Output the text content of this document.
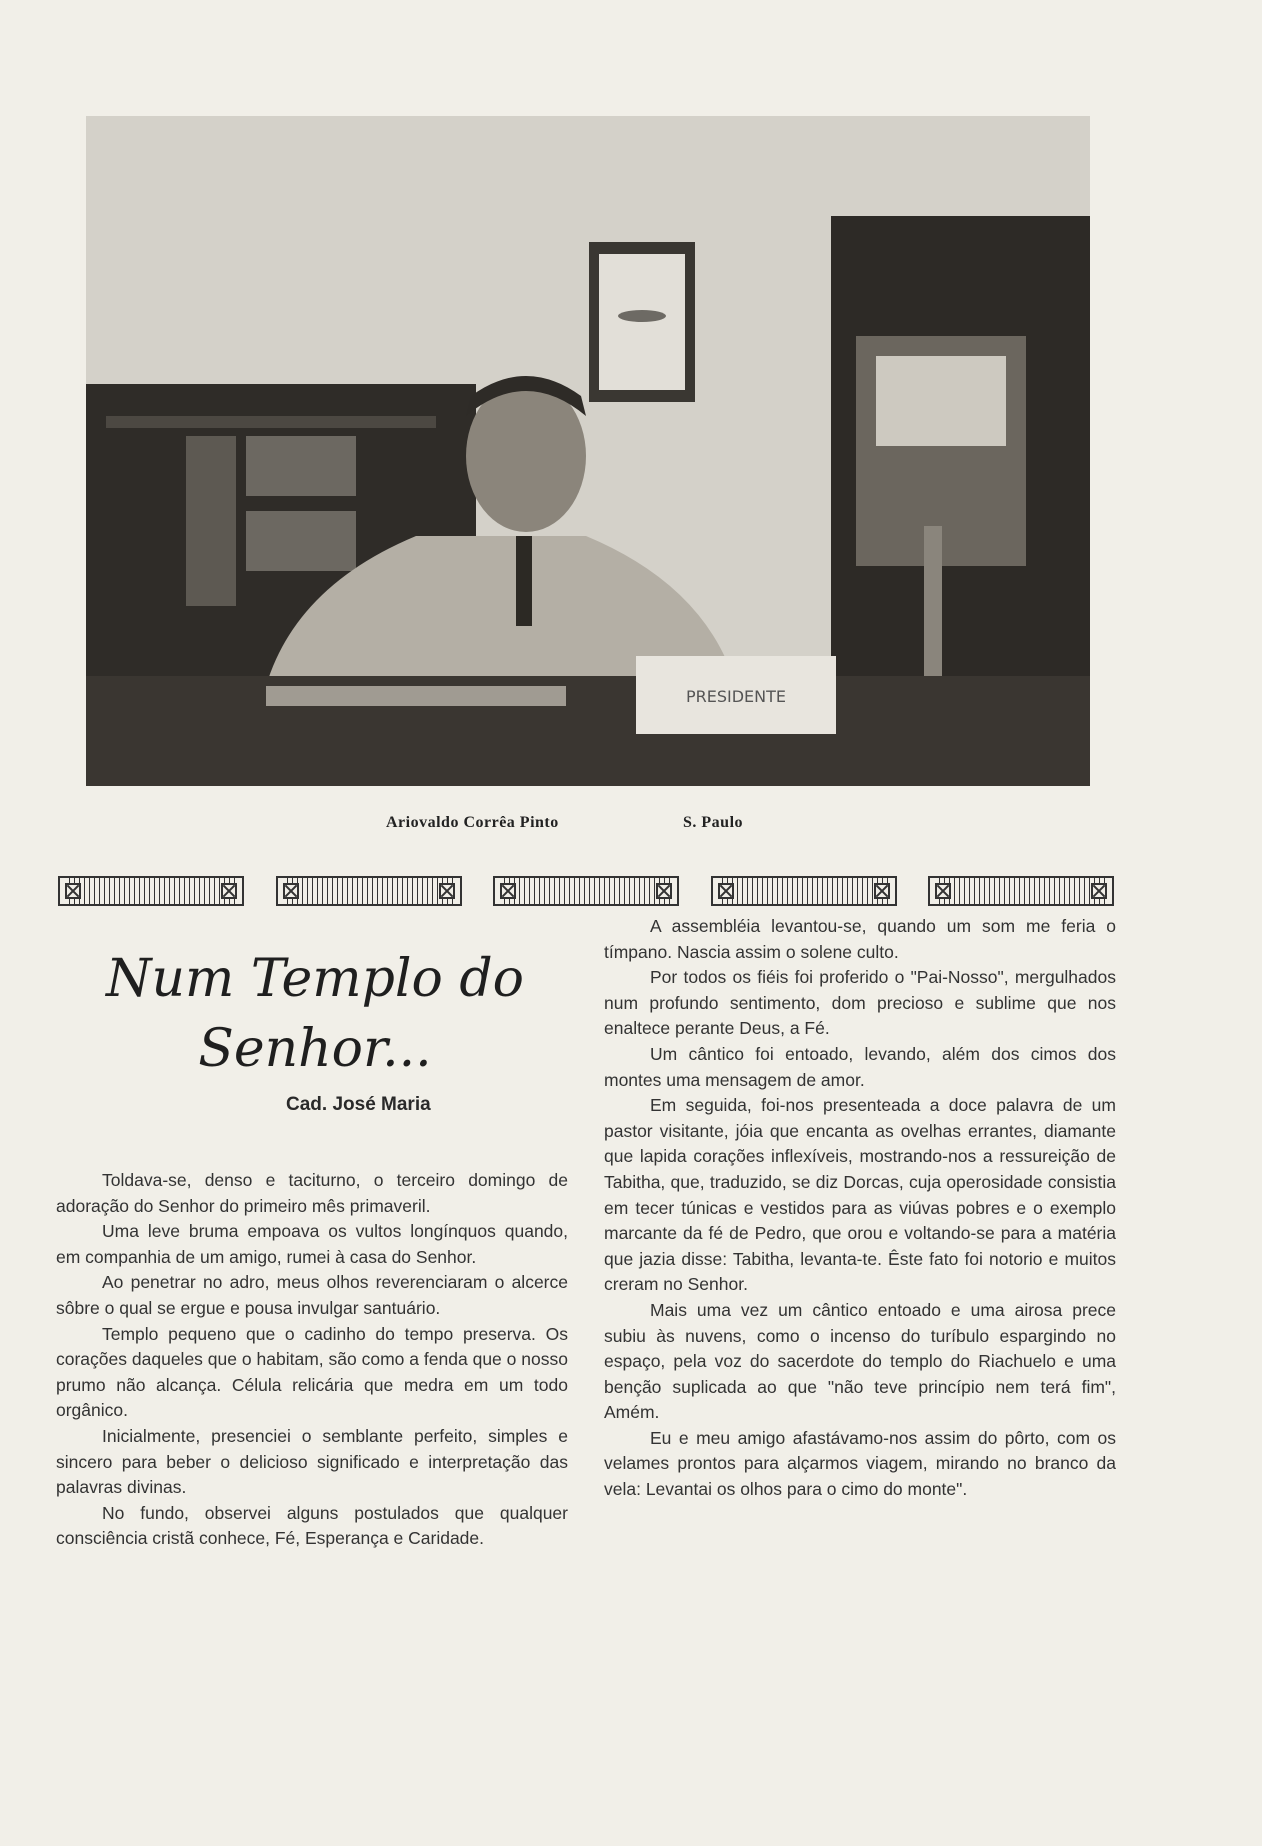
PRESIDENTE
Ariovaldo Corrêa Pinto	S. Paulo
Num Templo do
Senhor...
Cad. José Maria

Toldava-se, denso e taciturno, o terceiro domingo de adoração do Senhor do primeiro mês primaveril.

Uma leve bruma empoava os vultos longínquos quando, em companhia de um amigo, rumei à casa do Senhor.

Ao penetrar no adro, meus olhos reverenciaram o alcerce sôbre o qual se ergue e pousa invulgar santuário.

Templo pequeno que o cadinho do tempo preserva. Os corações daqueles que o habitam, são como a fenda que o nosso prumo não alcança. Célula relicária que medra em um todo orgânico.

Inicialmente, presenciei o semblante perfeito, simples e sincero para beber o delicioso significado e interpretação das palavras divinas.

No fundo, observei alguns postulados que qualquer consciência cristã conhece, Fé, Esperança e Caridade.

A assembléia levantou-se, quando um som me feria o tímpano. Nascia assim o solene culto.

Por todos os fiéis foi proferido o "Pai-Nosso", mergulhados num profundo sentimento, dom precioso e sublime que nos enaltece perante Deus, a Fé.

Um cântico foi entoado, levando, além dos cimos dos montes uma mensagem de amor.

Em seguida, foi-nos presenteada a doce palavra de um pastor visitante, jóia que encanta as ovelhas errantes, diamante que lapida corações inflexíveis, mostrando-nos a ressureição de Tabitha, que, traduzido, se diz Dorcas, cuja operosidade consistia em tecer túnicas e vestidos para as viúvas pobres e o exemplo marcante da fé de Pedro, que orou e voltando-se para a matéria que jazia disse: Tabitha, levanta-te. Êste fato foi notorio e muitos creram no Senhor.

Mais uma vez um cântico entoado e uma airosa prece subiu às nuvens, como o incenso do turíbulo espargindo no espaço, pela voz do sacerdote do templo do Riachuelo e uma benção suplicada ao que "não teve princípio nem terá fim", Amém.

Eu e meu amigo afastávamo-nos assim do pôrto, com os velames prontos para alçarmos viagem, mirando no branco da vela: Levantai os olhos para o cimo do monte".
